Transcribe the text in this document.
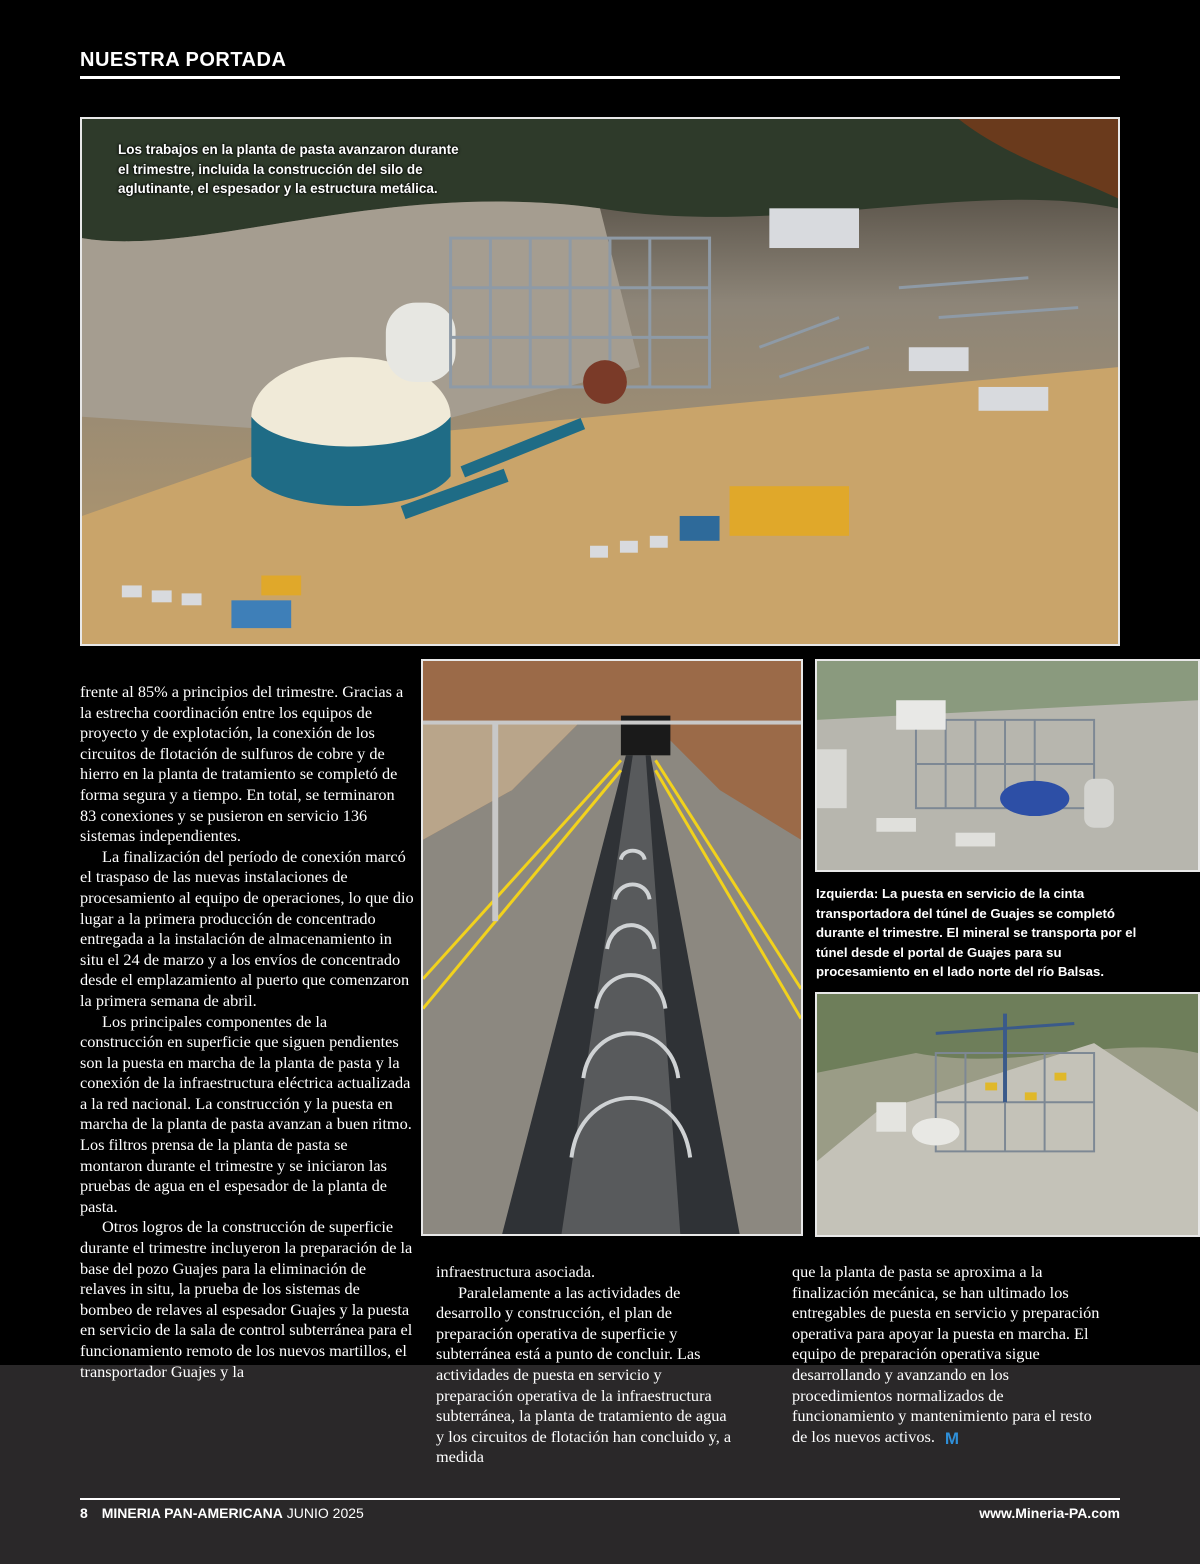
NUESTRA PORTADA
Los trabajos en la planta de pasta avanzaron durante el trimestre, incluida la construcción del silo de aglutinante, el espesador y la estructura metálica.
Izquierda: La puesta en servicio de la cinta transportadora del túnel de Guajes se completó durante el trimestre. El mineral se transporta por el túnel desde el portal de Guajes para su procesamiento en el lado norte del río Balsas.

frente al 85% a principios del trimestre. Gracias a la estrecha coordinación entre los equipos de proyecto y de explotación, la conexión de los circuitos de flotación de sulfuros de cobre y de hierro en la planta de tratamiento se completó de forma segura y a tiempo. En total, se terminaron 83 conexiones y se pusieron en servicio 136 sistemas independientes.

La finalización del período de conexión marcó el traspaso de las nuevas instalaciones de procesamiento al equipo de operaciones, lo que dio lugar a la primera producción de concentrado entregada a la instalación de almacenamiento in situ el 24 de marzo y a los envíos de concentrado desde el emplazamiento al puerto que comenzaron la primera semana de abril.

Los principales componentes de la construcción en superficie que siguen pendientes son la puesta en marcha de la planta de pasta y la conexión de la infraestructura eléctrica actualizada a la red nacional. La construcción y la puesta en marcha de la planta de pasta avanzan a buen ritmo. Los filtros prensa de la planta de pasta se montaron durante el trimestre y se iniciaron las pruebas de agua en el espesador de la planta de pasta.

Otros logros de la construcción de superficie durante el trimestre incluyeron la preparación de la base del pozo Guajes para la eliminación de relaves in situ, la prueba de los sistemas de bombeo de relaves al espesador Guajes y la puesta en servicio de la sala de control subterránea para el funcionamiento remoto de los nuevos martillos, el transportador Guajes y la

infraestructura asociada.

Paralelamente a las actividades de desarrollo y construcción, el plan de preparación operativa de superficie y subterránea está a punto de concluir. Las actividades de puesta en servicio y preparación operativa de la infraestructura subterránea, la planta de tratamiento de agua y los circuitos de flotación han concluido y, a medida

que la planta de pasta se aproxima a la finalización mecánica, se han ultimado los entregables de puesta en servicio y preparación operativa para apoyar la puesta en marcha. El equipo de preparación operativa sigue desarrollando y avanzando en los procedimientos normalizados de funcionamiento y mantenimiento para el resto de los nuevos activos. M

8 MINERIA PAN-AMERICANA JUNIO 2025	www.Mineria-PA.com
